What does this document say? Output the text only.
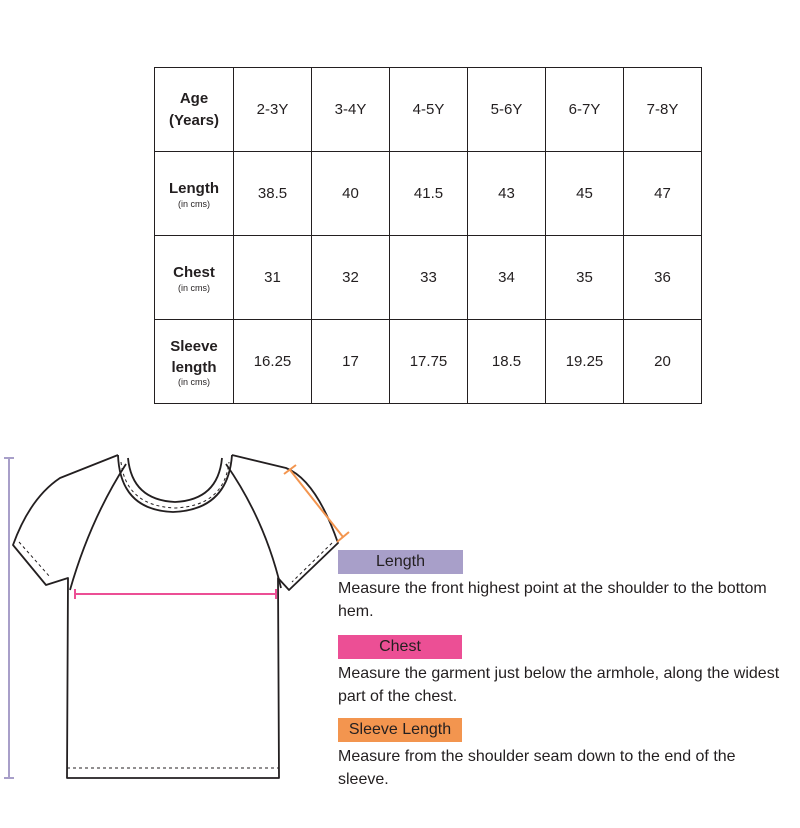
Age
(Years)	2-3Y	3-4Y	4-5Y	5-6Y	6-7Y	7-8Y

Length
(in cms)	38.5	40	41.5	43	45	47

Chest
(in cms)	31	32	33	34	35	36

Sleeve
length
(in cms)	16.25	17	17.75	18.5	19.25	20
Length
Measure the front highest point at the shoulder to the bottom hem.
Chest
Measure the garment just below the armhole, along the widest part of the chest.
Sleeve Length
Measure from the shoulder seam down to the end of the sleeve.
